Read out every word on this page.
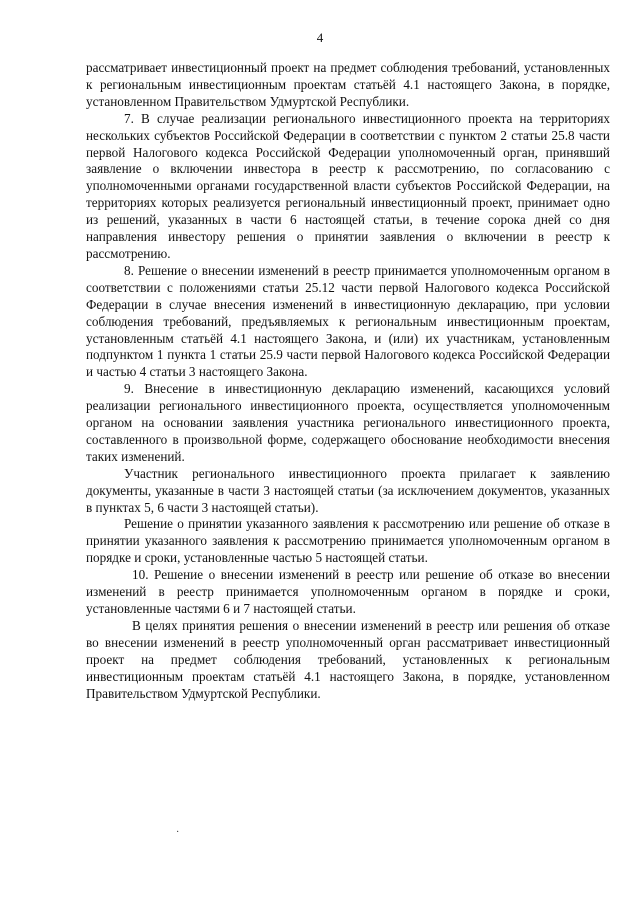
4

рассматривает инвестиционный проект на предмет соблюдения требований, установленных к региональным инвестиционным проектам статьёй 4.1 настоящего Закона, в порядке, установленном Правительством Удмуртской Республики.

7. В случае реализации регионального инвестиционного проекта на территориях нескольких субъектов Российской Федерации в соответствии с пунктом 2 статьи 25.8 части первой Налогового кодекса Российской Федерации уполномоченный орган, принявший заявление о включении инвестора в реестр к рассмотрению, по согласованию с уполномоченными органами государственной власти субъектов Российской Федерации, на территориях которых реализуется региональный инвестиционный проект, принимает одно из решений, указанных в части 6 настоящей статьи, в течение сорока дней со дня направления инвестору решения о принятии заявления о включении в реестр к рассмотрению.

8. Решение о внесении изменений в реестр принимается уполномоченным органом в соответствии с положениями статьи 25.12 части первой Налогового кодекса Российской Федерации в случае внесения изменений в инвестиционную декларацию, при условии соблюдения требований, предъявляемых к региональным инвестиционным проектам, установленным статьёй 4.1 настоящего Закона, и (или) их участникам, установленным подпунктом 1 пункта 1 статьи 25.9 части первой Налогового кодекса Российской Федерации и частью 4 статьи 3 настоящего Закона.

9. Внесение в инвестиционную декларацию изменений, касающихся условий реализации регионального инвестиционного проекта, осуществляется уполномоченным органом на основании заявления участника регионального инвестиционного проекта, составленного в произвольной форме, содержащего обоснование необходимости внесения таких изменений.

Участник регионального инвестиционного проекта прилагает к заявлению документы, указанные в части 3 настоящей статьи (за исключением документов, указанных в пунктах 5, 6 части 3 настоящей статьи).

Решение о принятии указанного заявления к рассмотрению или решение об отказе в принятии указанного заявления к рассмотрению принимается уполномоченным органом в порядке и сроки, установленные частью 5 настоящей статьи.

10. Решение о внесении изменений в реестр или решение об отказе во внесении изменений в реестр принимается уполномоченным органом в порядке и сроки, установленные частями 6 и 7 настоящей статьи.

В целях принятия решения о внесении изменений в реестр или решения об отказе во внесении изменений в реестр уполномоченный орган рассматривает инвестиционный проект на предмет соблюдения требований, установленных к региональным инвестиционным проектам статьёй 4.1 настоящего Закона, в порядке, установленном Правительством Удмуртской Республики.

·
